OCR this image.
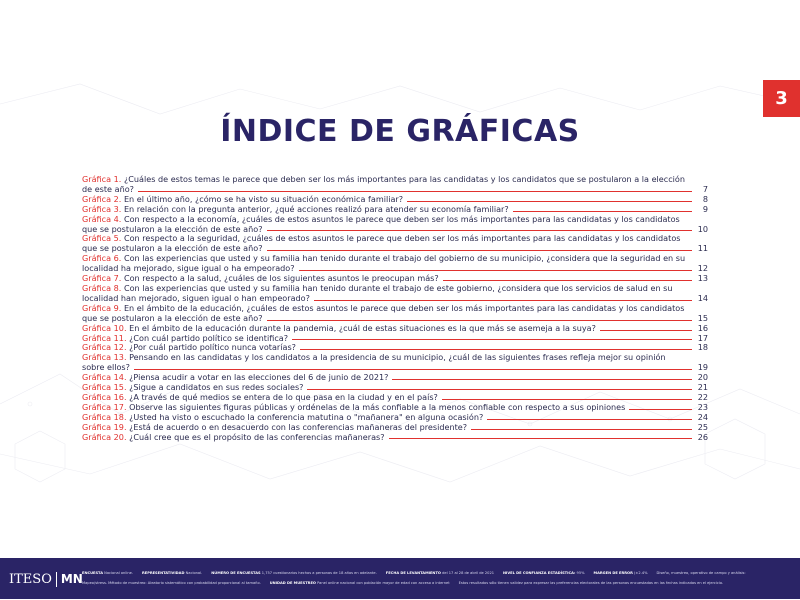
3
ÍNDICE DE GRÁFICAS
Gráfica 1. ¿Cuáles de estos temas le parece que deben ser los más importantes para las candidatas y los candidatos que se postularon a la elección de este año?	7
Gráfica 2. En el último año, ¿cómo se ha visto su situación económica familiar?	8
Gráfica 3. En relación con la pregunta anterior, ¿qué acciones realizó para atender su economía familiar?	9
Gráfica 4. Con respecto a la economía, ¿cuáles de estos asuntos le parece que deben ser los más importantes para las candidatas y los candidatos que se postularon a la elección de este año?	10
Gráfica 5. Con respecto a la seguridad, ¿cuáles de estos asuntos le parece que deben ser los más importantes para las candidatas y los candidatos que se postularon a la elección de este año?	11
Gráfica 6. Con las experiencias que usted y su familia han tenido durante el trabajo del gobierno de su municipio, ¿considera que la seguridad en su localidad ha mejorado, sigue igual o ha empeorado?	12
Gráfica 7. Con respecto a la salud, ¿cuáles de los siguientes asuntos le preocupan más?	13
Gráfica 8. Con las experiencias que usted y su familia han tenido durante el trabajo de este gobierno, ¿considera que los servicios de salud en su localidad han mejorado, siguen igual o han empeorado?	14
Gráfica 9. En el ámbito de la educación, ¿cuáles de estos asuntos le parece que deben ser los más importantes para las candidatas y los candidatos que se postularon a la elección de este año?	15
Gráfica 10. En el ámbito de la educación durante la pandemia, ¿cuál de estas situaciones es la que más se asemeja a la suya?	16
Gráfica 11. ¿Con cuál partido político se identifica?	17
Gráfica 12. ¿Por cuál partido político nunca votarías?	18
Gráfica 13. Pensando en las candidatas y los candidatos a la presidencia de su municipio, ¿cuál de las siguientes frases refleja mejor su opinión sobre ellos?	19
Gráfica 14. ¿Piensa acudir a votar en las elecciones del 6 de junio de 2021?	20
Gráfica 15. ¿Sigue a candidatos en sus redes sociales?	21
Gráfica 16. ¿A través de qué medios se entera de lo que pasa en la ciudad y en el país?	22
Gráfica 17. Observe las siguientes figuras públicas y ordénelas de la más confiable a la menos confiable con respecto a sus opiniones	23
Gráfica 18. ¿Usted ha visto o escuchado la conferencia matutina o "mañanera" en alguna ocasión?	24
Gráfica 19. ¿Está de acuerdo o en desacuerdo con las conferencias mañaneras del presidente?	25
Gráfica 20. ¿Cuál cree que es el propósito de las conferencias mañaneras?	26
ITESO MN ENCUESTA Nacional online.	REPRESENTATIVIDAD Nacional.	NÚMERO DE ENCUESTAS 1,757 cuestionarios hechos a personas de 18 años en adelante.	FECHA DE LEVANTAMIENTO del 17 al 28 de abril de 2021	NIVEL DE CONFIANZA ESTADÍSTICA: 95%	MARGEN DE ERROR (±2.4%	Diseño, muestreo, operativo de campo y análisis:
Mapeo/stress. Método de muestreo: Aleatorio sistemático con probabilidad proporcional al tamaño.	UNIDAD DE MUESTREO Panel online nacional con población mayor de edad con acceso a internet	Estos resultados sólo tienen validez para expresar las preferencias electorales de las personas encuestadas en las fechas indicadas en el ejercicio.
